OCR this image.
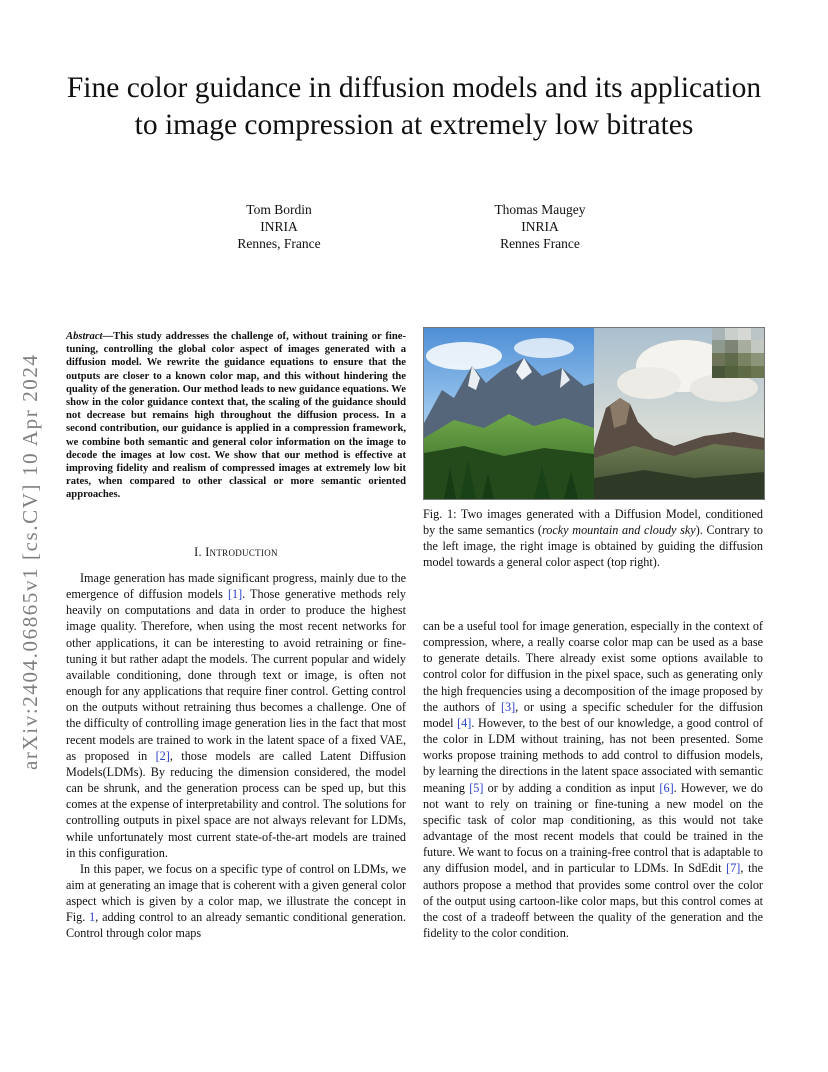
Fine color guidance in diffusion models and its application to image compression at extremely low bitrates
Tom Bordin
INRIA
Rennes, France
Thomas Maugey
INRIA
Rennes France
arXiv:2404.06865v1 [cs.CV] 10 Apr 2024
Abstract—This study addresses the challenge of, without training or fine-tuning, controlling the global color aspect of images generated with a diffusion model. We rewrite the guidance equations to ensure that the outputs are closer to a known color map, and this without hindering the quality of the generation. Our method leads to new guidance equations. We show in the color guidance context that, the scaling of the guidance should not decrease but remains high throughout the diffusion process. In a second contribution, our guidance is applied in a compression framework, we combine both semantic and general color information on the image to decode the images at low cost. We show that our method is effective at improving fidelity and realism of compressed images at extremely low bit rates, when compared to other classical or more semantic oriented approaches.
I. Introduction

Image generation has made significant progress, mainly due to the emergence of diffusion models [1]. Those generative methods rely heavily on computations and data in order to produce the highest image quality. Therefore, when using the most recent networks for other applications, it can be interesting to avoid retraining or fine-tuning it but rather adapt the models. The current popular and widely available conditioning, done through text or image, is often not enough for any applications that require finer control. Getting control on the outputs without retraining thus becomes a challenge. One of the difficulty of controlling image generation lies in the fact that most recent models are trained to work in the latent space of a fixed VAE, as proposed in [2], those models are called Latent Diffusion Models(LDMs). By reducing the dimension considered, the model can be shrunk, and the generation process can be sped up, but this comes at the expense of interpretability and control. The solutions for controlling outputs in pixel space are not always relevant for LDMs, while unfortunately most current state-of-the-art models are trained in this configuration.

In this paper, we focus on a specific type of control on LDMs, we aim at generating an image that is coherent with a given general color aspect which is given by a color map, we illustrate the concept in Fig. 1, adding control to an already semantic conditional generation. Control through color maps

Fig. 1: Two images generated with a Diffusion Model, conditioned by the same semantics (rocky mountain and cloudy sky). Contrary to the left image, the right image is obtained by guiding the diffusion model towards a general color aspect (top right).

can be a useful tool for image generation, especially in the context of compression, where, a really coarse color map can be used as a base to generate details. There already exist some options available to control color for diffusion in the pixel space, such as generating only the high frequencies using a decomposition of the image proposed by the authors of [3], or using a specific scheduler for the diffusion model [4]. However, to the best of our knowledge, a good control of the color in LDM without training, has not been presented. Some works propose training methods to add control to diffusion models, by learning the directions in the latent space associated with semantic meaning [5] or by adding a condition as input [6]. However, we do not want to rely on training or fine-tuning a new model on the specific task of color map conditioning, as this would not take advantage of the most recent models that could be trained in the future. We want to focus on a training-free control that is adaptable to any diffusion model, and in particular to LDMs. In SdEdit [7], the authors propose a method that provides some control over the color of the output using cartoon-like color maps, but this control comes at the cost of a tradeoff between the quality of the generation and the fidelity to the color condition.
